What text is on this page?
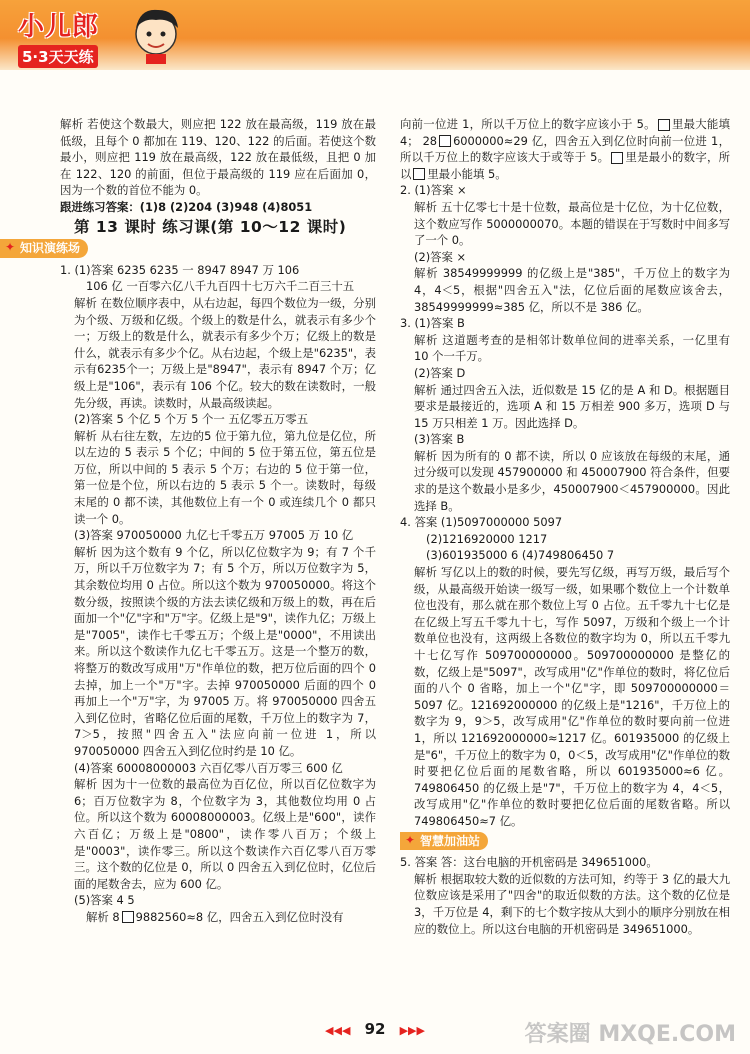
小儿郎
5·3天天练

解析 若使这个数最大，则应把 122 放在最高级，119 放在最低级，且每个 0 都加在 119、120、122 的后面。若使这个数最小，则应把 119 放在最高级，122 放在最低级，且把 0 加在 122、120 的前面，但位于最高级的 119 应在后面加 0，因为一个数的首位不能为 0。

跟进练习答案：(1)8 (2)204 (3)948 (4)8051

第 13 课时 练习课(第 10～12 课时)
✦ 知识演练场

1. (1)答案 6235 6235 一 8947 8947 万 106

106 亿 一百零六亿八千九百四十七万六千二百三十五

解析 在数位顺序表中，从右边起，每四个数位为一级，分别为个级、万级和亿级。个级上的数是什么，就表示有多少个一；万级上的数是什么，就表示有多少个万；亿级上的数是什么，就表示有多少个亿。从右边起，个级上是"6235"，表示有6235个一；万级上是"8947"，表示有 8947 个万；亿级上是"106"，表示有 106 个亿。较大的数在读数时，一般先分级，再读。读数时，从最高级读起。

(2)答案 5 个亿 5 个万 5 个一 五亿零五万零五

解析 从右往左数，左边的5 位于第九位，第九位是亿位，所以左边的 5 表示 5 个亿；中间的 5 位于第五位，第五位是万位，所以中间的 5 表示 5 个万；右边的 5 位于第一位，第一位是个位，所以右边的 5 表示 5 个一。读数时，每级末尾的 0 都不读，其他数位上有一个 0 或连续几个 0 都只读一个 0。

(3)答案 970050000 九亿七千零五万 97005 万 10 亿

解析 因为这个数有 9 个亿，所以亿位数字为 9；有 7 个千万，所以千万位数字为 7；有 5 个万，所以万位数字为 5，其余数位均用 0 占位。所以这个数为 970050000。将这个数分级，按照读个级的方法去读亿级和万级上的数，再在后面加一个"亿"字和"万"字。亿级上是"9"，读作九亿；万级上是"7005"，读作七千零五万；个级上是"0000"，不用读出来。所以这个数读作九亿七千零五万。这是一个整万的数，将整万的数改写成用"万"作单位的数，把万位后面的四个 0 去掉，加上一个"万"字。去掉 970050000 后面的四个 0 再加上一个"万"字，为 97005 万。将 970050000 四舍五入到亿位时，省略亿位后面的尾数，千万位上的数字为 7，7＞5，按照"四舍五入"法应向前一位进 1，所以 970050000 四舍五入到亿位时约是 10 亿。

(4)答案 60008000003 六百亿零八百万零三 600 亿

解析 因为十一位数的最高位为百亿位，所以百亿位数字为 6；百万位数字为 8，个位数字为 3，其他数位均用 0 占位。所以这个数为 60008000003。亿级上是"600"，读作六百亿；万级上是"0800"，读作零八百万；个级上是"0003"，读作零三。所以这个数读作六百亿零八百万零三。这个数的亿位是 0，所以 0 四舍五入到亿位时，亿位后面的尾数舍去，应为 600 亿。

(5)答案 4 5

解析 8 9882560≈8 亿，四舍五入到亿位时没有

向前一位进 1，所以千万位上的数字应该小于 5。 里最大能填 4； 28 6000000≈29 亿，四舍五入到亿位时向前一位进 1，所以千万位上的数字应该大于或等于 5。 里是最小的数字，所以 里最小能填 5。

2. (1)答案 ×

解析 五十亿零七十是十位数，最高位是十亿位，为十亿位数，这个数应写作 5000000070。本题的错误在于写数时中间多写了一个 0。

(2)答案 ×

解析 38549999999 的亿级上是"385"，千万位上的数字为 4，4＜5，根据"四舍五入"法，亿位后面的尾数应该舍去，38549999999≈385 亿，所以不是 386 亿。

3. (1)答案 B

解析 这道题考查的是相邻计数单位间的进率关系，一亿里有 10 个一千万。

(2)答案 D

解析 通过四舍五入法，近似数是 15 亿的是 A 和 D。根据题目要求是最接近的，选项 A 和 15 万相差 900 多万，选项 D 与 15 万只相差 1 万。因此选择 D。

(3)答案 B

解析 因为所有的 0 都不读，所以 0 应该放在每级的末尾，通过分级可以发现 457900000 和 450007900 符合条件，但要求的是这个数最小是多少，450007900＜457900000。因此选择 B。

4. 答案 (1)5097000000 5097

(2)1216920000 1217

(3)601935000 6 (4)749806450 7

解析 写亿以上的数的时候，要先写亿级，再写万级，最后写个级，从最高级开始读一级写一级，如果哪个数位上一个计数单位也没有，那么就在那个数位上写 0 占位。五千零九十七亿是在亿级上写五千零九十七，写作 5097，万级和个级上一个计数单位也没有，这两级上各数位的数字均为 0，所以五千零九十七亿写作 509700000000。509700000000 是整亿的数，亿级上是"5097"，改写成用"亿"作单位的数时，将亿位后面的八个 0 省略，加上一个"亿"字，即 509700000000＝5097 亿。121692000000 的亿级上是"1216"，千万位上的数字为 9，9＞5，改写成用"亿"作单位的数时要向前一位进 1，所以 121692000000≈1217 亿。601935000 的亿级上是"6"，千万位上的数字为 0，0＜5，改写成用"亿"作单位的数时要把亿位后面的尾数省略，所以 601935000≈6 亿。749806450 的亿级上是"7"，千万位上的数字为 4，4＜5，改写成用"亿"作单位的数时要把亿位后面的尾数省略。所以 749806450≈7 亿。

✦ 智慧加油站

5. 答案 答：这台电脑的开机密码是 349651000。

解析 根据取较大数的近似数的方法可知，约等于 3 亿的最大九位数应该是采用了"四舍"的取近似数的方法。这个数的亿位是 3，千万位是 4，剩下的七个数字按从大到小的顺序分别放在相应的数位上。所以这台电脑的开机密码是 349651000。

◀◀◀ 92 ▶▶▶	答案圈 MXQE.COM
